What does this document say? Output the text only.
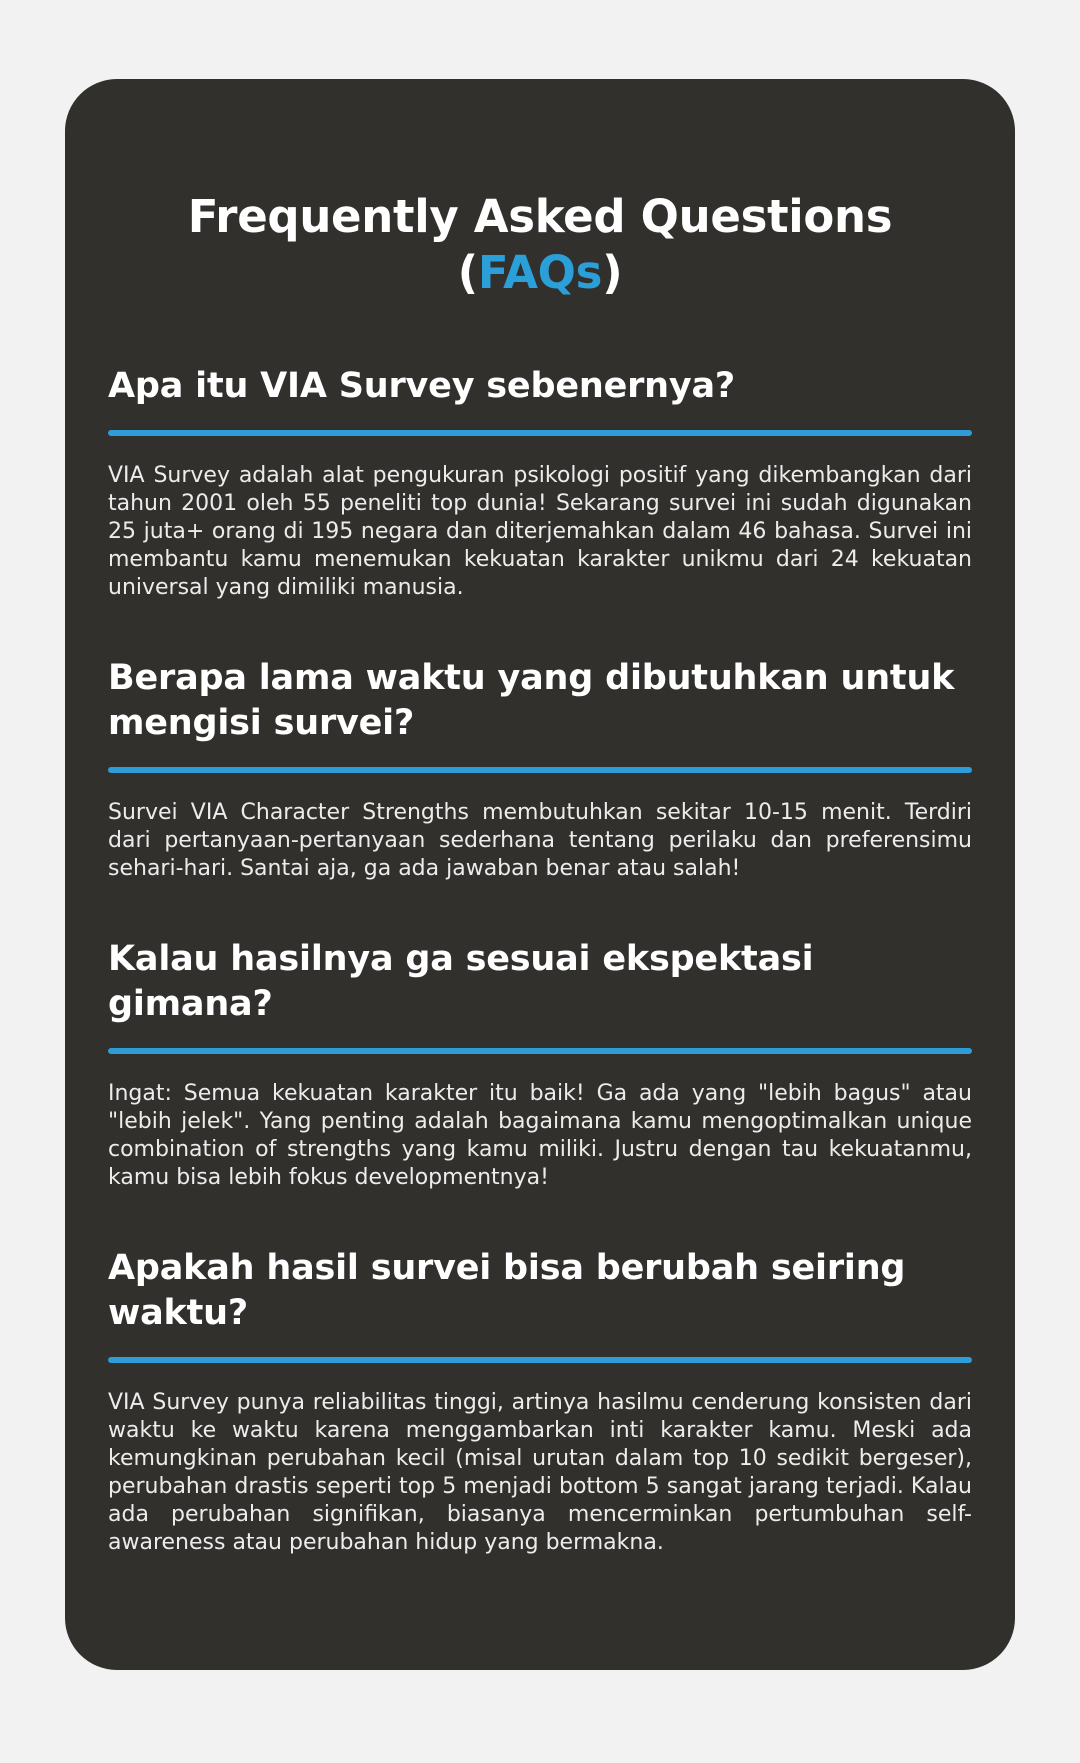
Frequently Asked Questions (FAQs)
Apa itu VIA Survey sebenernya?

VIA Survey adalah alat pengukuran psikologi positif yang dikembangkan dari tahun 2001 oleh 55 peneliti top dunia! Sekarang survei ini sudah digunakan 25 juta+ orang di 195 negara dan diterjemahkan dalam 46 bahasa. Survei ini membantu kamu menemukan kekuatan karakter unikmu dari 24 kekuatan universal yang dimiliki manusia.

Berapa lama waktu yang dibutuhkan untuk mengisi survei?

Survei VIA Character Strengths membutuhkan sekitar 10-15 menit. Terdiri dari pertanyaan-pertanyaan sederhana tentang perilaku dan preferensimu sehari-hari. Santai aja, ga ada jawaban benar atau salah!

Kalau hasilnya ga sesuai ekspektasi gimana?

Ingat: Semua kekuatan karakter itu baik! Ga ada yang "lebih bagus" atau "lebih jelek". Yang penting adalah bagaimana kamu mengoptimalkan unique combination of strengths yang kamu miliki. Justru dengan tau kekuatanmu, kamu bisa lebih fokus developmentnya!

Apakah hasil survei bisa berubah seiring waktu?

VIA Survey punya reliabilitas tinggi, artinya hasilmu cenderung konsisten dari waktu ke waktu karena menggambarkan inti karakter kamu. Meski ada kemungkinan perubahan kecil (misal urutan dalam top 10 sedikit bergeser), perubahan drastis seperti top 5 menjadi bottom 5 sangat jarang terjadi. Kalau ada perubahan signifikan, biasanya mencerminkan pertumbuhan self-awareness atau perubahan hidup yang bermakna.
